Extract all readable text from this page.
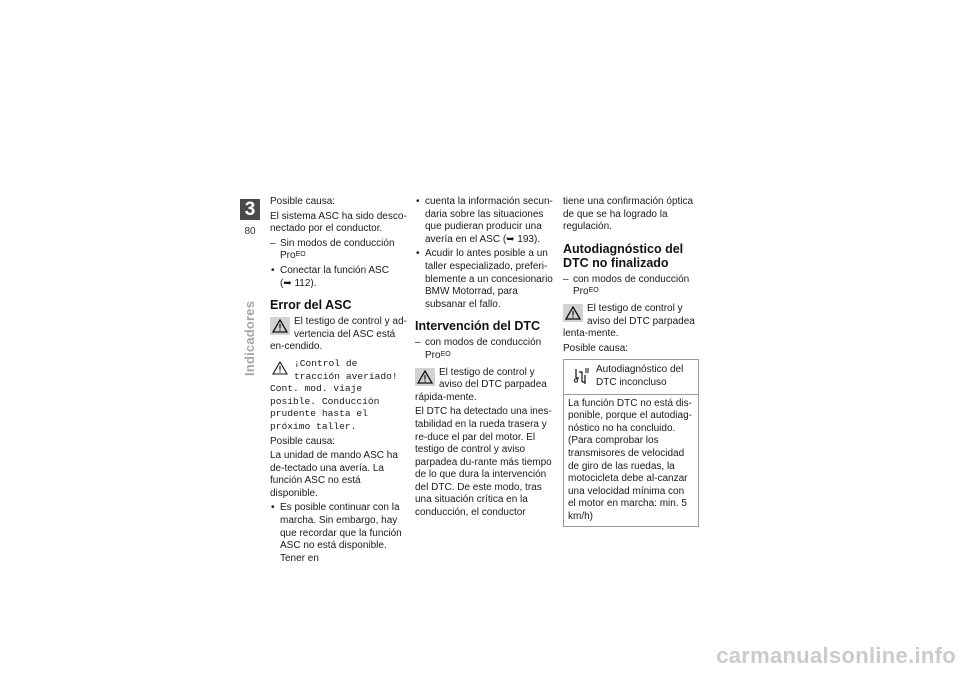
3
80
Indicadores

Posible causa:

El sistema ASC ha sido desco-nectado por el conductor.

– Sin modos de conducción
Pro$^{EO}$
• Conectar la función ASC
(➥ 112).
Error del ASC
El testigo de control y ad-vertencia del ASC está en-cendido.
¡Control de tracción averiado! Cont. mod. viaje posible. Conducción prudente hasta el próximo taller.

Posible causa:

La unidad de mando ASC ha de-tectado una avería. La función ASC no está disponible.

• Es posible continuar con la marcha. Sin embargo, hay que recordar que la función ASC no está disponible. Tener en
• cuenta la información secun-daria sobre las situaciones que pudieran producir una avería en el ASC (➥ 193).
• Acudir lo antes posible a un taller especializado, preferi-blemente a un concesionario BMW Motorrad, para subsanar el fallo.
Intervención del DTC
– con modos de conducción
Pro$^{EO}$
El testigo de control y aviso del DTC parpadea rápida-mente.

El DTC ha detectado una ines-tabilidad en la rueda trasera y re-duce el par del motor. El testigo de control y aviso parpadea du-rante más tiempo de lo que dura la intervención del DTC. De este modo, tras una situación crítica en la conducción, el conductor

tiene una confirmación óptica de que se ha logrado la regulación.

Autodiagnóstico del DTC no finalizado
– con modos de conducción
Pro$^{EO}$
El testigo de control y aviso del DTC parpadea lenta-mente.

Posible causa:

Autodiagnóstico del DTC inconcluso
La función DTC no está dis-ponible, porque el autodiag-nóstico no ha concluido. (Para comprobar los transmisores de velocidad de giro de las ruedas, la motocicleta debe al-canzar una velocidad mínima con el motor en marcha: min. 5 km/h)
carmanualsonline.info
